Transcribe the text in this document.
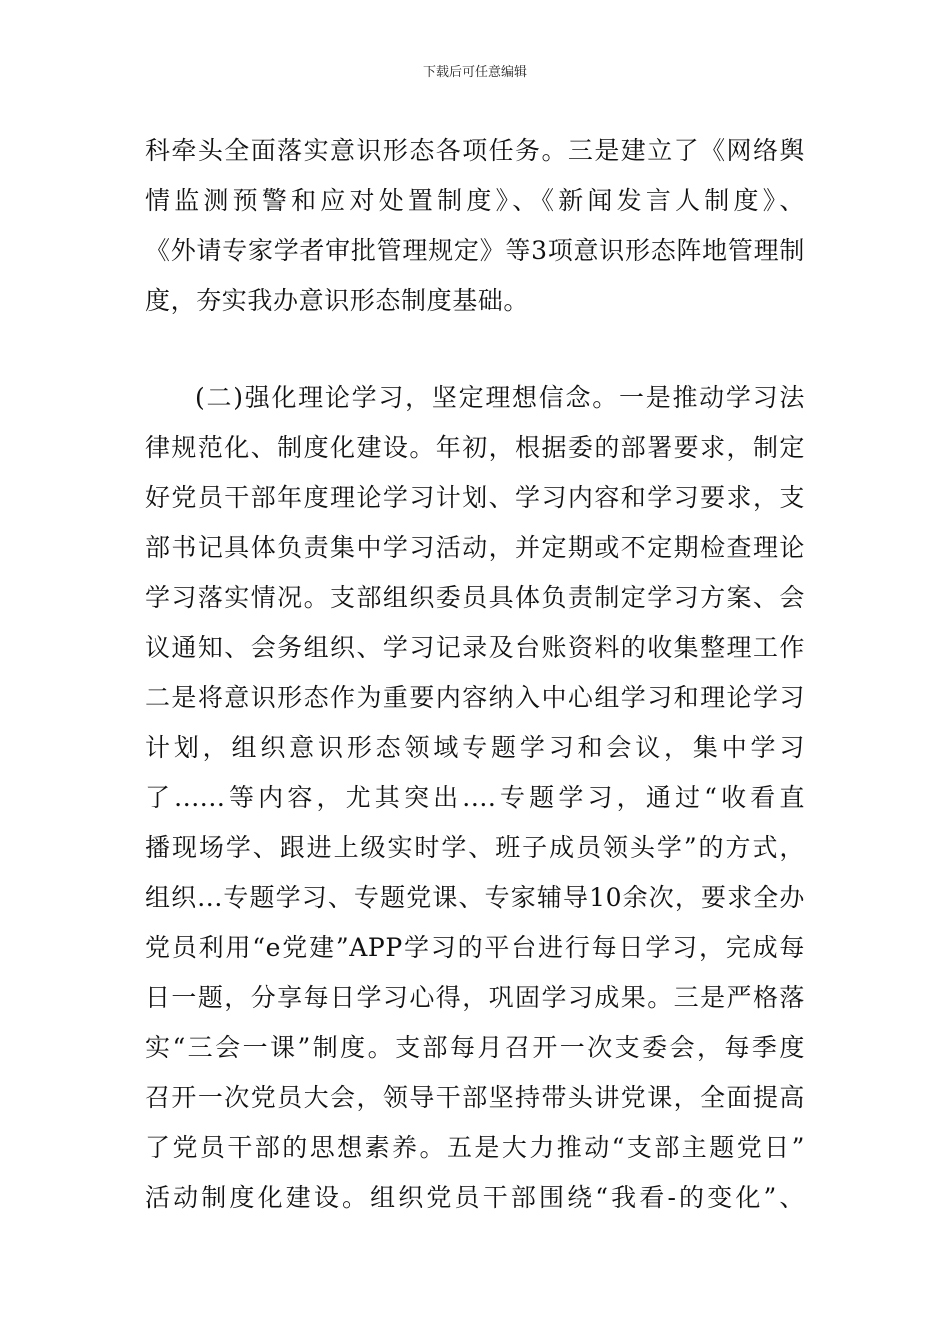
下载后可任意编辑
科牵头全面落实意识形态各项任务。三是建立了《网络舆
情监测预警和应对处置制度》、《新闻发言人制度》、
《外请专家学者审批管理规定》等3项意识形态阵地管理制
度，夯实我办意识形态制度基础。
(二)强化理论学习，坚定理想信念。一是推动学习法
律规范化、制度化建设。年初，根据委的部署要求，制定
好党员干部年度理论学习计划、学习内容和学习要求，支
部书记具体负责集中学习活动，并定期或不定期检查理论
学习落实情况。支部组织委员具体负责制定学习方案、会
议通知、会务组织、学习记录及台账资料的收集整理工作
二是将意识形态作为重要内容纳入中心组学习和理论学习
计划，组织意识形态领域专题学习和会议，集中学习
了......等内容，尤其突出....专题学习，通过“收看直
播现场学、跟进上级实时学、班子成员领头学”的方式，
组织...专题学习、专题党课、专家辅导10余次，要求全办
党员利用“e党建”APP学习的平台进行每日学习，完成每
日一题，分享每日学习心得，巩固学习成果。三是严格落
实“三会一课”制度。支部每月召开一次支委会，每季度
召开一次党员大会，领导干部坚持带头讲党课，全面提高
了党员干部的思想素养。五是大力推动“支部主题党日”
活动制度化建设。组织党员干部围绕“我看-的变化”、
